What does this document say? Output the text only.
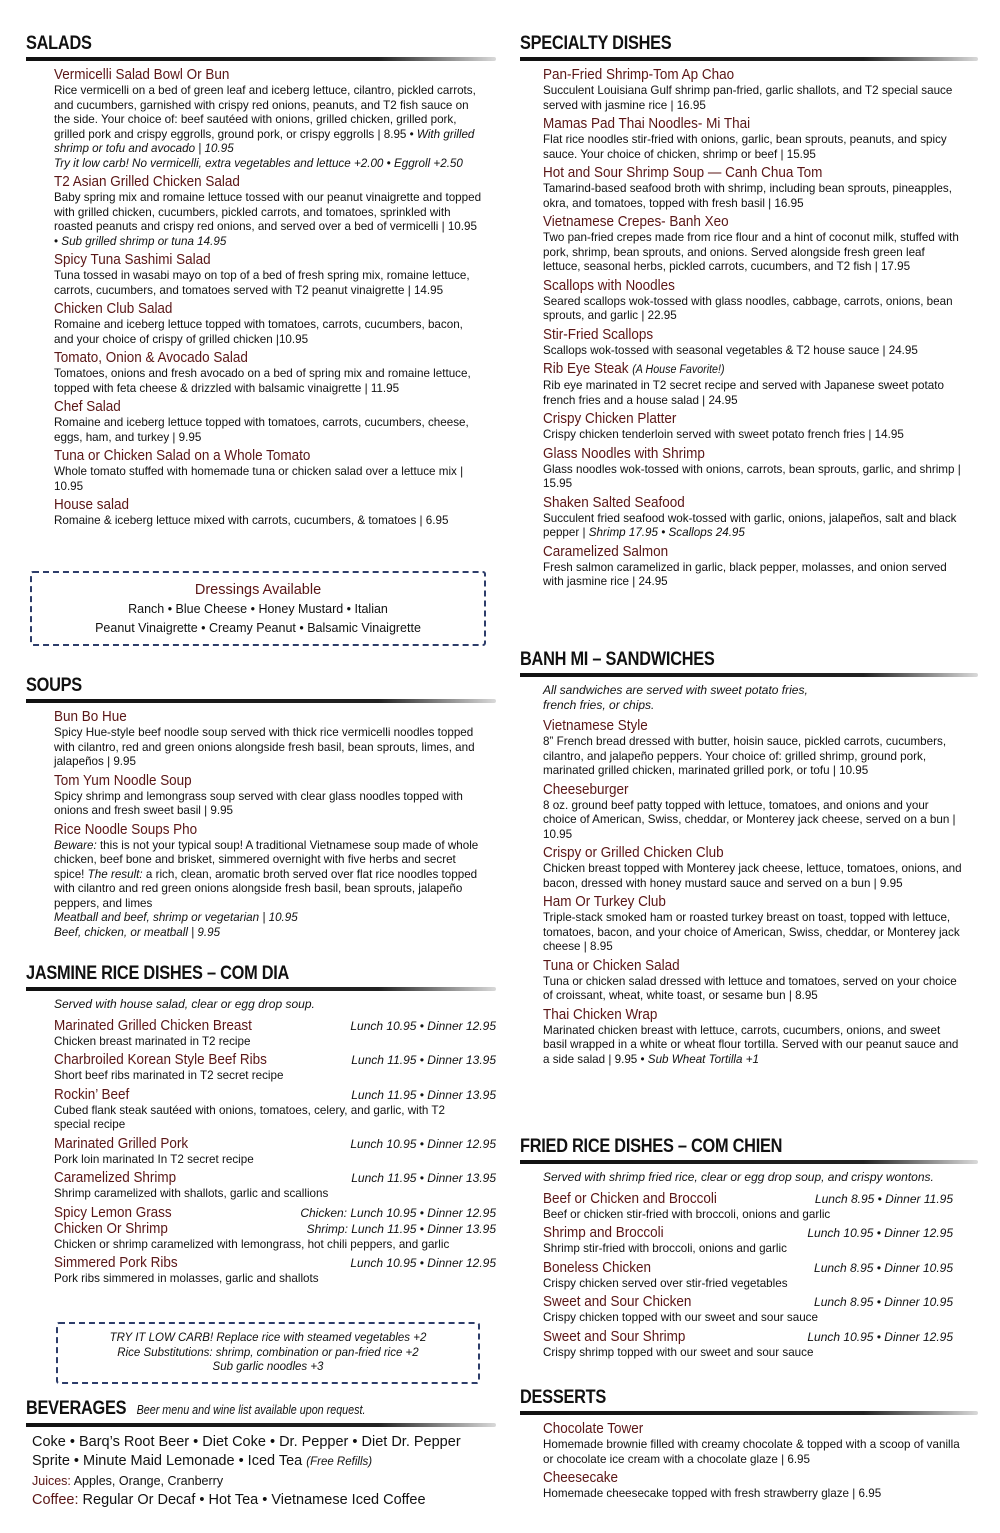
SALADS
Vermicelli Salad Bowl Or Bun
Rice vermicelli on a bed of green leaf and iceberg lettuce, cilantro, pickled carrots, and cucumbers, garnished with crispy red onions, peanuts, and T2 fish sauce on the side. Your choice of: beef sautéed with onions, grilled chicken, grilled pork, grilled pork and crispy eggrolls, ground pork, or crispy eggrolls | 8.95 • With grilled shrimp or tofu and avocado | 10.95
Try it low carb! No vermicelli, extra vegetables and lettuce +2.00 • Eggroll +2.50
T2 Asian Grilled Chicken Salad
Baby spring mix and romaine lettuce tossed with our peanut vinaigrette and topped with grilled chicken, cucumbers, pickled carrots, and tomatoes, sprinkled with roasted peanuts and crispy red onions, and served over a bed of vermicelli | 10.95 • Sub grilled shrimp or tuna 14.95
Spicy Tuna Sashimi Salad
Tuna tossed in wasabi mayo on top of a bed of fresh spring mix, romaine lettuce, carrots, cucumbers, and tomatoes served with T2 peanut vinaigrette | 14.95
Chicken Club Salad
Romaine and iceberg lettuce topped with tomatoes, carrots, cucumbers, bacon, and your choice of crispy of grilled chicken |10.95
Tomato, Onion & Avocado Salad
Tomatoes, onions and fresh avocado on a bed of spring mix and romaine lettuce, topped with feta cheese & drizzled with balsamic vinaigrette | 11.95
Chef Salad
Romaine and iceberg lettuce topped with tomatoes, carrots, cucumbers, cheese, eggs, ham, and turkey | 9.95
Tuna or Chicken Salad on a Whole Tomato
Whole tomato stuffed with homemade tuna or chicken salad over a lettuce mix | 10.95
House salad
Romaine & iceberg lettuce mixed with carrots, cucumbers, & tomatoes | 6.95
Dressings Available
Ranch • Blue Cheese • Honey Mustard • Italian
Peanut Vinaigrette • Creamy Peanut • Balsamic Vinaigrette
SOUPS
Bun Bo Hue
Spicy Hue-style beef noodle soup served with thick rice vermicelli noodles topped with cilantro, red and green onions alongside fresh basil, bean sprouts, limes, and jalapeños | 9.95
Tom Yum Noodle Soup
Spicy shrimp and lemongrass soup served with clear glass noodles topped with onions and fresh sweet basil | 9.95
Rice Noodle Soups Pho
Beware: this is not your typical soup! A traditional Vietnamese soup made of whole chicken, beef bone and brisket, simmered overnight with five herbs and secret spice! The result: a rich, clean, aromatic broth served over flat rice noodles topped with cilantro and red green onions alongside fresh basil, bean sprouts, jalapeño peppers, and limes
Meatball and beef, shrimp or vegetarian | 10.95
Beef, chicken, or meatball | 9.95
JASMINE RICE DISHES – COM DIA
Served with house salad, clear or egg drop soup.
Marinated Grilled Chicken Breast	Lunch 10.95 • Dinner 12.95
Chicken breast marinated in T2 recipe
Charbroiled Korean Style Beef Ribs	Lunch 11.95 • Dinner 13.95
Short beef ribs marinated in T2 secret recipe
Rockin’ Beef	Lunch 11.95 • Dinner 13.95
Cubed flank steak sautéed with onions, tomatoes, celery, and garlic, with T2 special recipe
Marinated Grilled Pork	Lunch 10.95 • Dinner 12.95
Pork loin marinated In T2 secret recipe
Caramelized Shrimp	Lunch 11.95 • Dinner 13.95
Shrimp caramelized with shallots, garlic and scallions
Spicy Lemon Grass	Chicken: Lunch 10.95 • Dinner 12.95
Chicken Or Shrimp	Shrimp: Lunch 11.95 • Dinner 13.95
Chicken or shrimp caramelized with lemongrass, hot chili peppers, and garlic
Simmered Pork Ribs	Lunch 10.95 • Dinner 12.95
Pork ribs simmered in molasses, garlic and shallots
TRY IT LOW CARB! Replace rice with steamed vegetables +2
Rice Substitutions: shrimp, combination or pan-fried rice +2
Sub garlic noodles +3
BEVERAGES Beer menu and wine list available upon request.
Coke • Barq’s Root Beer • Diet Coke • Dr. Pepper • Diet Dr. Pepper
Sprite • Minute Maid Lemonade • Iced Tea (Free Refills)
Juices: Apples, Orange, Cranberry
Coffee: Regular Or Decaf • Hot Tea • Vietnamese Iced Coffee
SPECIALTY DISHES
Pan-Fried Shrimp-Tom Ap Chao
Succulent Louisiana Gulf shrimp pan-fried, garlic shallots, and T2 special sauce served with jasmine rice | 16.95
Mamas Pad Thai Noodles- Mi Thai
Flat rice noodles stir-fried with onions, garlic, bean sprouts, peanuts, and spicy sauce. Your choice of chicken, shrimp or beef | 15.95
Hot and Sour Shrimp Soup — Canh Chua Tom
Tamarind-based seafood broth with shrimp, including bean sprouts, pineapples, okra, and tomatoes, topped with fresh basil | 16.95
Vietnamese Crepes- Banh Xeo
Two pan-fried crepes made from rice flour and a hint of coconut milk, stuffed with pork, shrimp, bean sprouts, and onions. Served alongside fresh green leaf lettuce, seasonal herbs, pickled carrots, cucumbers, and T2 fish | 17.95
Scallops with Noodles
Seared scallops wok-tossed with glass noodles, cabbage, carrots, onions, bean sprouts, and garlic | 22.95
Stir-Fried Scallops
Scallops wok-tossed with seasonal vegetables & T2 house sauce | 24.95
Rib Eye Steak (A House Favorite!)
Rib eye marinated in T2 secret recipe and served with Japanese sweet potato french fries and a house salad | 24.95
Crispy Chicken Platter
Crispy chicken tenderloin served with sweet potato french fries | 14.95
Glass Noodles with Shrimp
Glass noodles wok-tossed with onions, carrots, bean sprouts, garlic, and shrimp | 15.95
Shaken Salted Seafood
Succulent fried seafood wok-tossed with garlic, onions, jalapeños, salt and black pepper | Shrimp 17.95 • Scallops 24.95
Caramelized Salmon
Fresh salmon caramelized in garlic, black pepper, molasses, and onion served with jasmine rice | 24.95
BANH MI – SANDWICHES
All sandwiches are served with sweet potato fries, french fries, or chips.
Vietnamese Style
8” French bread dressed with butter, hoisin sauce, pickled carrots, cucumbers, cilantro, and jalapeño peppers. Your choice of: grilled shrimp, ground pork, marinated grilled chicken, marinated grilled pork, or tofu | 10.95
Cheeseburger
8 oz. ground beef patty topped with lettuce, tomatoes, and onions and your choice of American, Swiss, cheddar, or Monterey jack cheese, served on a bun | 10.95
Crispy or Grilled Chicken Club
Chicken breast topped with Monterey jack cheese, lettuce, tomatoes, onions, and bacon, dressed with honey mustard sauce and served on a bun | 9.95
Ham Or Turkey Club
Triple-stack smoked ham or roasted turkey breast on toast, topped with lettuce, tomatoes, bacon, and your choice of American, Swiss, cheddar, or Monterey jack cheese | 8.95
Tuna or Chicken Salad
Tuna or chicken salad dressed with lettuce and tomatoes, served on your choice of croissant, wheat, white toast, or sesame bun | 8.95
Thai Chicken Wrap
Marinated chicken breast with lettuce, carrots, cucumbers, onions, and sweet basil wrapped in a white or wheat flour tortilla. Served with our peanut sauce and a side salad | 9.95 • Sub Wheat Tortilla +1
FRIED RICE DISHES – COM CHIEN
Served with shrimp fried rice, clear or egg drop soup, and crispy wontons.
Beef or Chicken and Broccoli	Lunch 8.95 • Dinner 11.95
Beef or chicken stir-fried with broccoli, onions and garlic
Shrimp and Broccoli	Lunch 10.95 • Dinner 12.95
Shrimp stir-fried with broccoli, onions and garlic
Boneless Chicken	Lunch 8.95 • Dinner 10.95
Crispy chicken served over stir-fried vegetables
Sweet and Sour Chicken	Lunch 8.95 • Dinner 10.95
Crispy chicken topped with our sweet and sour sauce
Sweet and Sour Shrimp	Lunch 10.95 • Dinner 12.95
Crispy shrimp topped with our sweet and sour sauce
DESSERTS
Chocolate Tower
Homemade brownie filled with creamy chocolate & topped with a scoop of vanilla or chocolate ice cream with a chocolate glaze | 6.95
Cheesecake
Homemade cheesecake topped with fresh strawberry glaze | 6.95
